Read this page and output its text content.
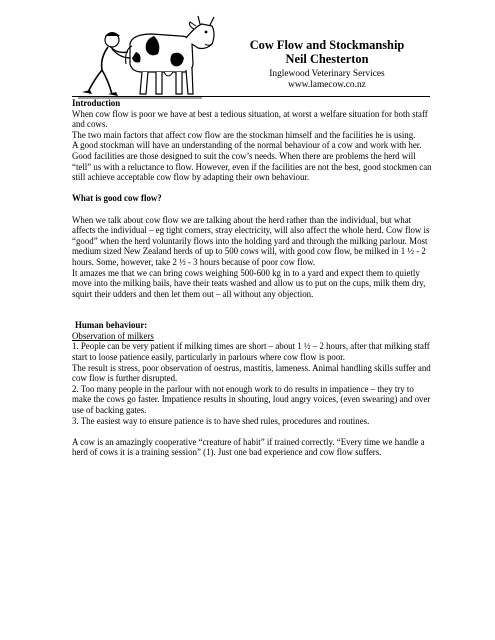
Cow Flow and Stockmanship

Neil Chesterton

Inglewood Veterinary Services
www.lamecow.co.nz

Introduction

When cow flow is poor we have at best a tedious situation, at worst a welfare situation for both staff and cows.

The two main factors that affect cow flow are the stockman himself and the facilities he is using.

A good stockman will have an understanding of the normal behaviour of a cow and work with her.

Good facilities are those designed to suit the cow’s needs. When there are problems the herd will “tell” us with a reluctance to flow. However, even if the facilities are not the best, good stockmen can still achieve acceptable cow flow by adapting their own behaviour.

What is good cow flow?

When we talk about cow flow we are talking about the herd rather than the individual, but what affects the individual – eg tight corners, stray electricity, will also affect the whole herd. Cow flow is “good” when the herd voluntarily flows into the holding yard and through the milking parlour. Most medium sized New Zealand herds of up to 500 cows will, with good cow flow, be milked in 1 ½ - 2 hours. Some, however, take 2 ½ - 3 hours because of poor cow flow.

It amazes me that we can bring cows weighing 500-600 kg in to a yard and expect them to quietly move into the milking bails, have their teats washed and allow us to put on the cups, milk them dry, squirt their udders and then let them out – all without any objection.

Human behaviour:

Observation of milkers

1. People can be very patient if milking times are short – about 1 ½ – 2 hours, after that milking staff start to loose patience easily, particularly in parlours where cow flow is poor.

The result is stress, poor observation of oestrus, mastitis, lameness. Animal handling skills suffer and cow flow is further disrupted.

2. Too many people in the parlour with not enough work to do results in impatience – they try to make the cows go faster. Impatience results in shouting, loud angry voices, (even swearing) and over use of backing gates.

3. The easiest way to ensure patience is to have shed rules, procedures and routines.

A cow is an amazingly cooperative “creature of habit” if trained correctly. “Every time we handle a herd of cows it is a training session” (1). Just one bad experience and cow flow suffers.
